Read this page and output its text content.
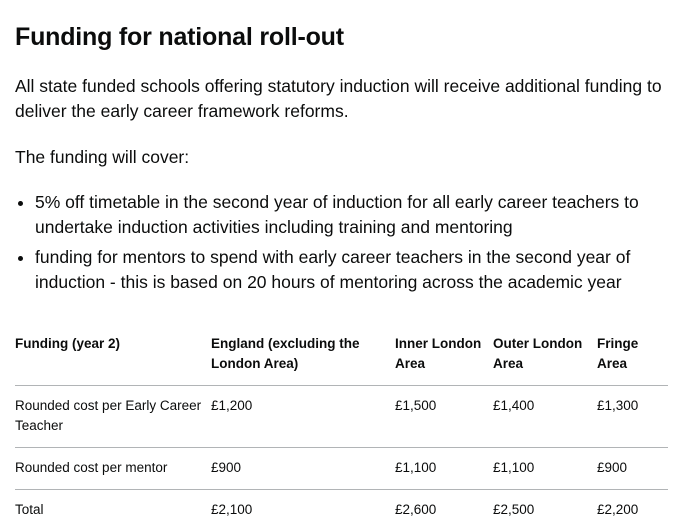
Funding for national roll-out

All state funded schools offering statutory induction will receive additional funding to deliver the early career framework reforms.

The funding will cover:

• 5% off timetable in the second year of induction for all early career teachers to undertake induction activities including training and mentoring
• funding for mentors to spend with early career teachers in the second year of induction - this is based on 20 hours of mentoring across the academic year
Funding (year 2)	England (excluding the London Area)	Inner London Area	Outer London Area	Fringe Area
Rounded cost per Early Career Teacher	£1,200	£1,500	£1,400	£1,300
Rounded cost per mentor	£900	£1,100	£1,100	£900
Total	£2,100	£2,600	£2,500	£2,200
